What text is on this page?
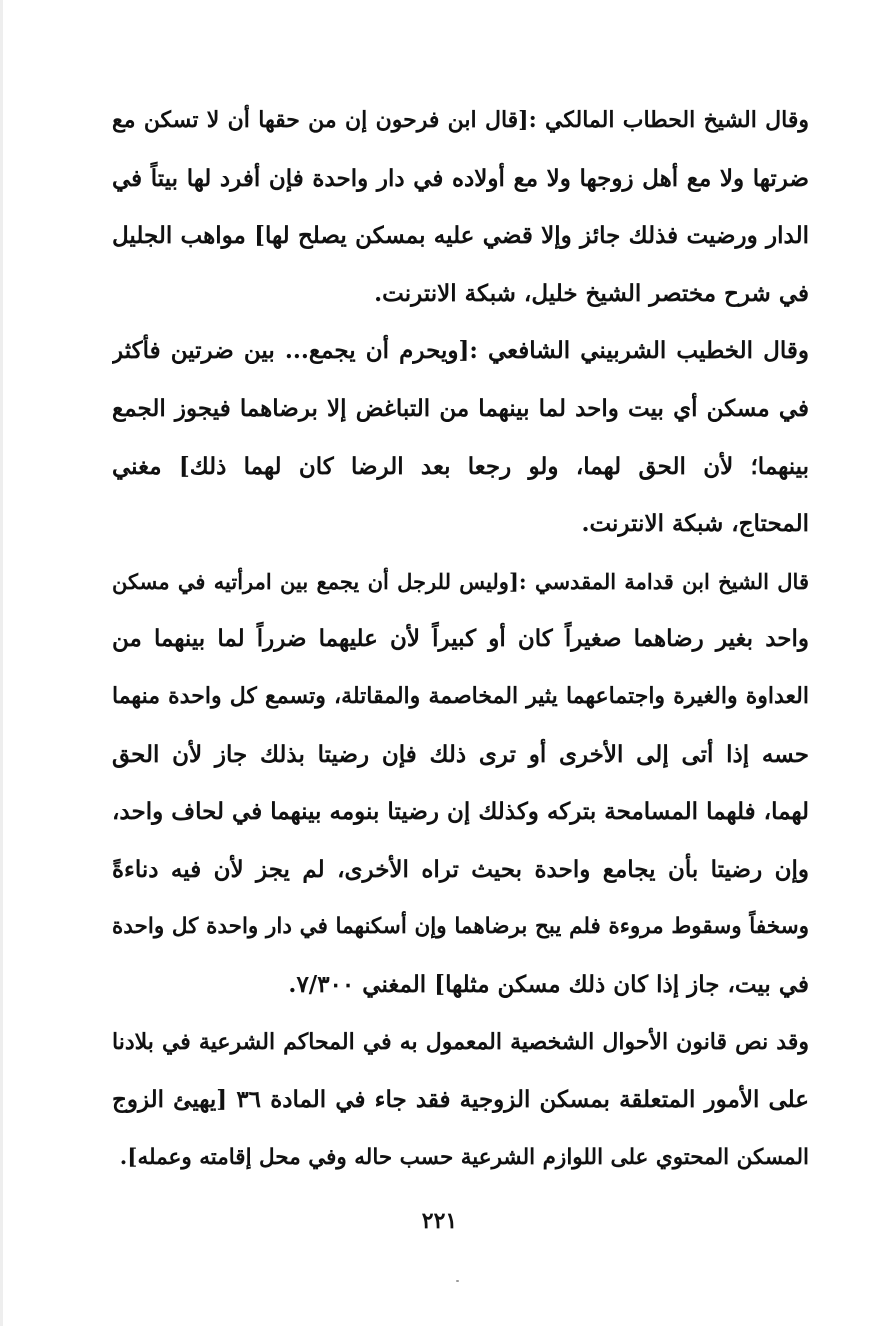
وقال الشيخ الحطاب المالكي :[قال ابن فرحون إن من حقها أن لا تسكن مع
ضرتها ولا مع أهل زوجها ولا مع أولاده في دار واحدة فإن أفرد لها بيتاً في
الدار ورضيت فذلك جائز وإلا قضي عليه بمسكن يصلح لها] مواهب الجليل
في شرح مختصر الشيخ خليل، شبكة الانترنت.
وقال الخطيب الشربيني الشافعي :[ويحرم أن يجمع... بين ضرتين فأكثر
في مسكن أي بيت واحد لما بينهما من التباغض إلا برضاهما فيجوز الجمع
بينهما؛ لأن الحق لهما، ولو رجعا بعد الرضا كان لهما ذلك] مغني
المحتاج، شبكة الانترنت.
قال الشيخ ابن قدامة المقدسي :[وليس للرجل أن يجمع بين امرأتيه في مسكن
واحد بغير رضاهما صغيراً كان أو كبيراً لأن عليهما ضرراً لما بينهما من
العداوة والغيرة واجتماعهما يثير المخاصمة والمقاتلة، وتسمع كل واحدة منهما
حسه إذا أتى إلى الأخرى أو ترى ذلك فإن رضيتا بذلك جاز لأن الحق
لهما، فلهما المسامحة بتركه وكذلك إن رضيتا بنومه بينهما في لحاف واحد،
وإن رضيتا بأن يجامع واحدة بحيث تراه الأخرى، لم يجز لأن فيه دناءةً
وسخفاً وسقوط مروءة فلم يبح برضاهما وإن أسكنهما في دار واحدة كل واحدة
في بيت، جاز إذا كان ذلك مسكن مثلها] المغني ٧/٣٠٠.
وقد نص قانون الأحوال الشخصية المعمول به في المحاكم الشرعية في بلادنا
على الأمور المتعلقة بمسكن الزوجية فقد جاء في المادة ٣٦ [يهيئ الزوج
المسكن المحتوي على اللوازم الشرعية حسب حاله وفي محل إقامته وعمله].
٢٢١
